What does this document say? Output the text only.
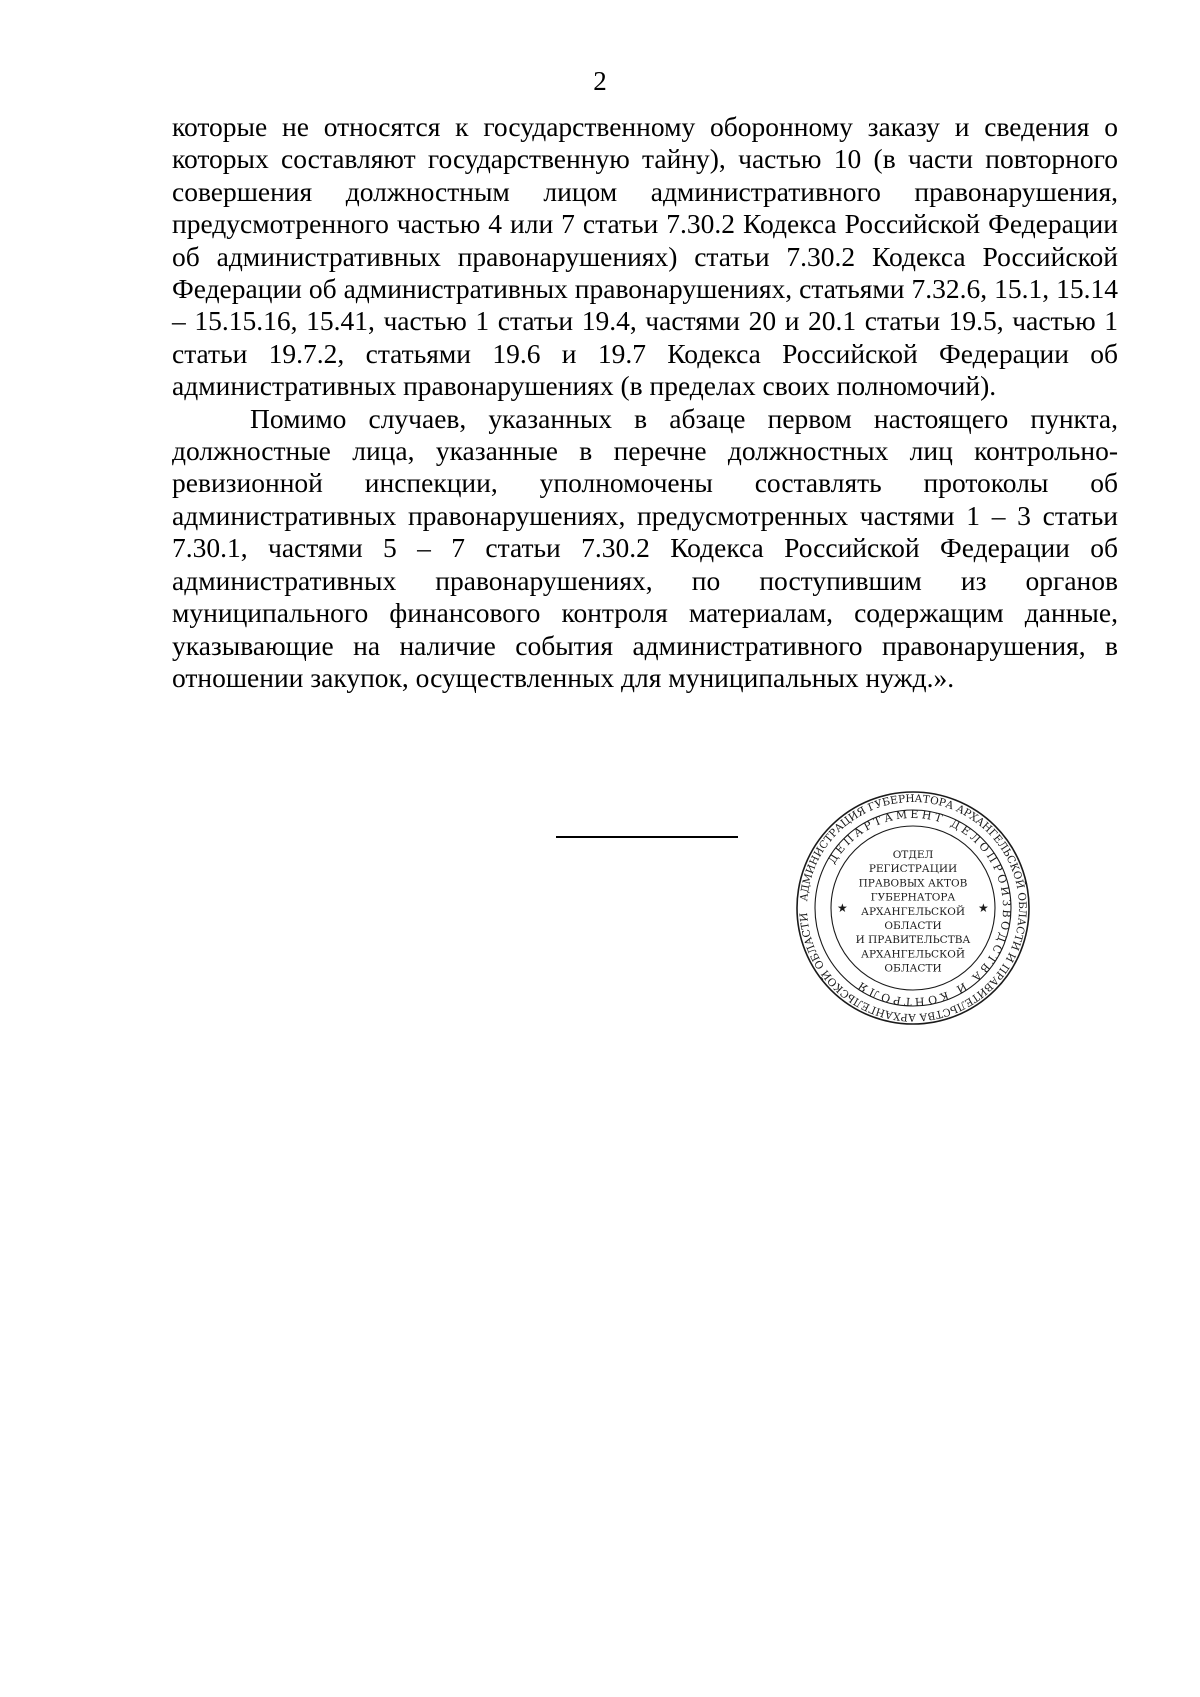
2

которые не относятся к государственному оборонному заказу и сведения о которых составляют государственную тайну), частью 10 (в части повторного совершения должностным лицом административного правонарушения, предусмотренного частью 4 или 7 статьи 7.30.2 Кодекса Российской Федерации об административных правонарушениях) статьи 7.30.2 Кодекса Российской Федерации об административных правонарушениях, статьями 7.32.6, 15.1, 15.14 – 15.15.16, 15.41, частью 1 статьи 19.4, частями 20 и 20.1 статьи 19.5, частью 1 статьи 19.7.2, статьями 19.6 и 19.7 Кодекса Российской Федерации об административных правонарушениях (в пределах своих полномочий).

Помимо случаев, указанных в абзаце первом настоящего пункта, должностные лица, указанные в перечне должностных лиц контрольно-ревизионной инспекции, уполномочены составлять протоколы об административных правонарушениях, предусмотренных частями 1 – 3 статьи 7.30.1, частями 5 – 7 статьи 7.30.2 Кодекса Российской Федерации об административных правонарушениях, по поступившим из органов муниципального финансового контроля материалам, содержащим данные, указывающие на наличие события административного правонарушения, в отношении закупок, осуществленных для муниципальных нужд.».

АДМИНИСТРАЦИЯ ГУБЕРНАТОРА АРХАНГЕЛЬСКОЙ ОБЛАСТИ И ПРАВИТЕЛЬСТВА АРХАНГЕЛЬСКОЙ ОБЛАСТИ
ДЕПАРТАМЕНТ ДЕЛОПРОИЗВОДСТВА И КОНТРОЛЯ
ОТДЕЛ
РЕГИСТРАЦИИ
ПРАВОВЫХ АКТОВ
ГУБЕРНАТОРА
АРХАНГЕЛЬСКОЙ
ОБЛАСТИ
И ПРАВИТЕЛЬСТВА
АРХАНГЕЛЬСКОЙ
ОБЛАСТИ
★	★
